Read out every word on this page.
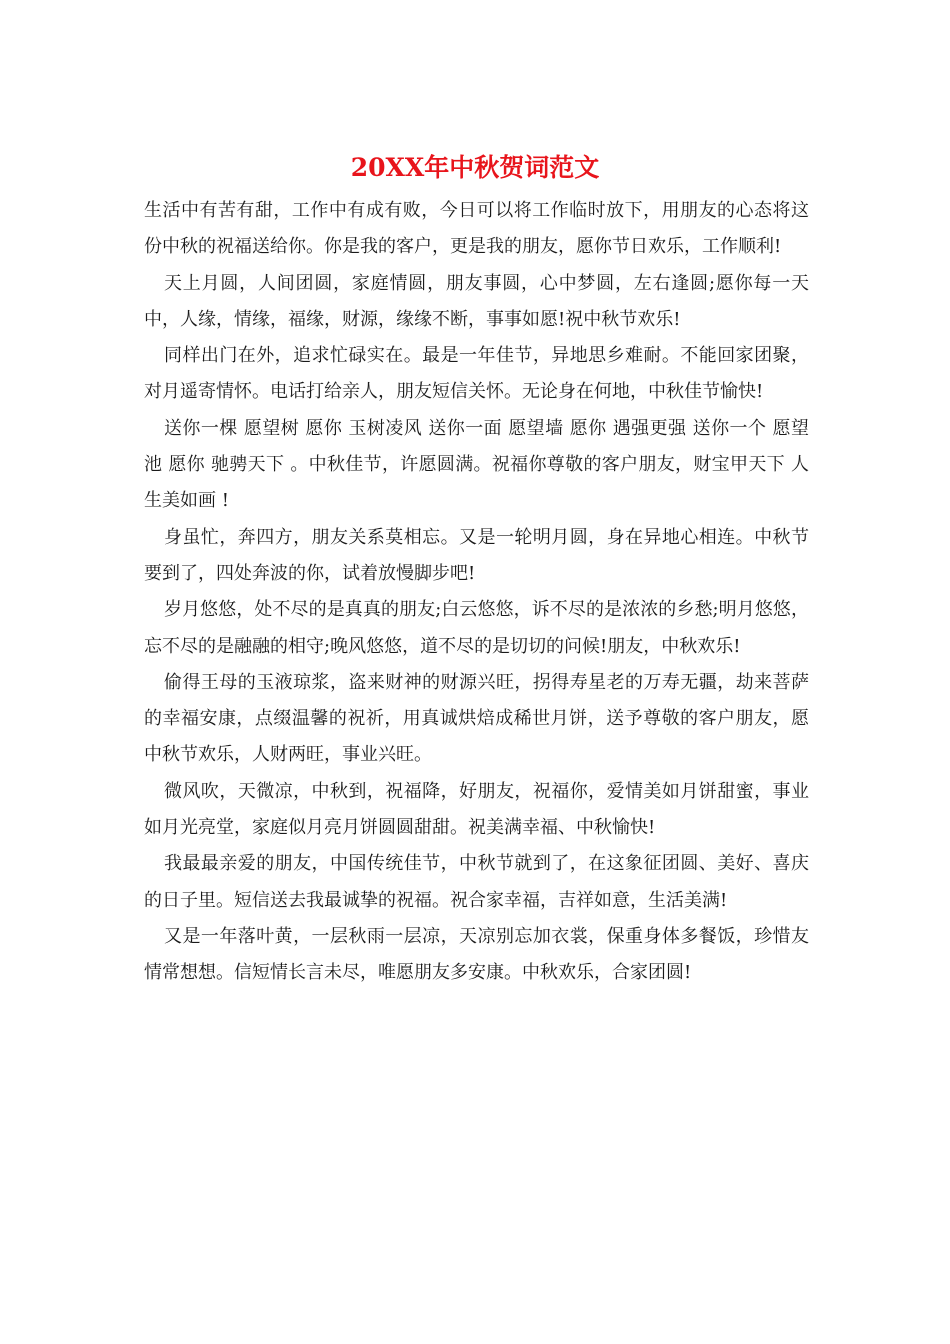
20XX年中秋贺词范文

生活中有苦有甜，工作中有成有败，今日可以将工作临时放下，用朋友的心态将这份中秋的祝福送给你。你是我的客户，更是我的朋友，愿你节日欢乐，工作顺利!

天上月圆，人间团圆，家庭情圆，朋友事圆，心中梦圆，左右逢圆;愿你每一天中，人缘，情缘，福缘，财源，缘缘不断，事事如愿!祝中秋节欢乐!

同样出门在外，追求忙碌实在。最是一年佳节，异地思乡难耐。不能回家团聚，对月遥寄情怀。电话打给亲人，朋友短信关怀。无论身在何地，中秋佳节愉快!

送你一棵 愿望树 愿你 玉树凌风 送你一面 愿望墙 愿你 遇强更强 送你一个 愿望池 愿你 驰骋天下 。中秋佳节，许愿圆满。祝福你尊敬的客户朋友，财宝甲天下 人生美如画 !

身虽忙，奔四方，朋友关系莫相忘。又是一轮明月圆，身在异地心相连。中秋节要到了，四处奔波的你，试着放慢脚步吧!

岁月悠悠，处不尽的是真真的朋友;白云悠悠，诉不尽的是浓浓的乡愁;明月悠悠，忘不尽的是融融的相守;晚风悠悠，道不尽的是切切的问候!朋友，中秋欢乐!

偷得王母的玉液琼浆，盗来财神的财源兴旺，拐得寿星老的万寿无疆，劫来菩萨的幸福安康，点缀温馨的祝祈，用真诚烘焙成稀世月饼，送予尊敬的客户朋友，愿中秋节欢乐，人财两旺，事业兴旺。

微风吹，天微凉，中秋到，祝福降，好朋友，祝福你，爱情美如月饼甜蜜，事业如月光亮堂，家庭似月亮月饼圆圆甜甜。祝美满幸福、中秋愉快!

我最最亲爱的朋友，中国传统佳节，中秋节就到了，在这象征团圆、美好、喜庆的日子里。短信送去我最诚挚的祝福。祝合家幸福，吉祥如意，生活美满!

又是一年落叶黄，一层秋雨一层凉，天凉别忘加衣裳，保重身体多餐饭，珍惜友情常想想。信短情长言未尽，唯愿朋友多安康。中秋欢乐，合家团圆!
